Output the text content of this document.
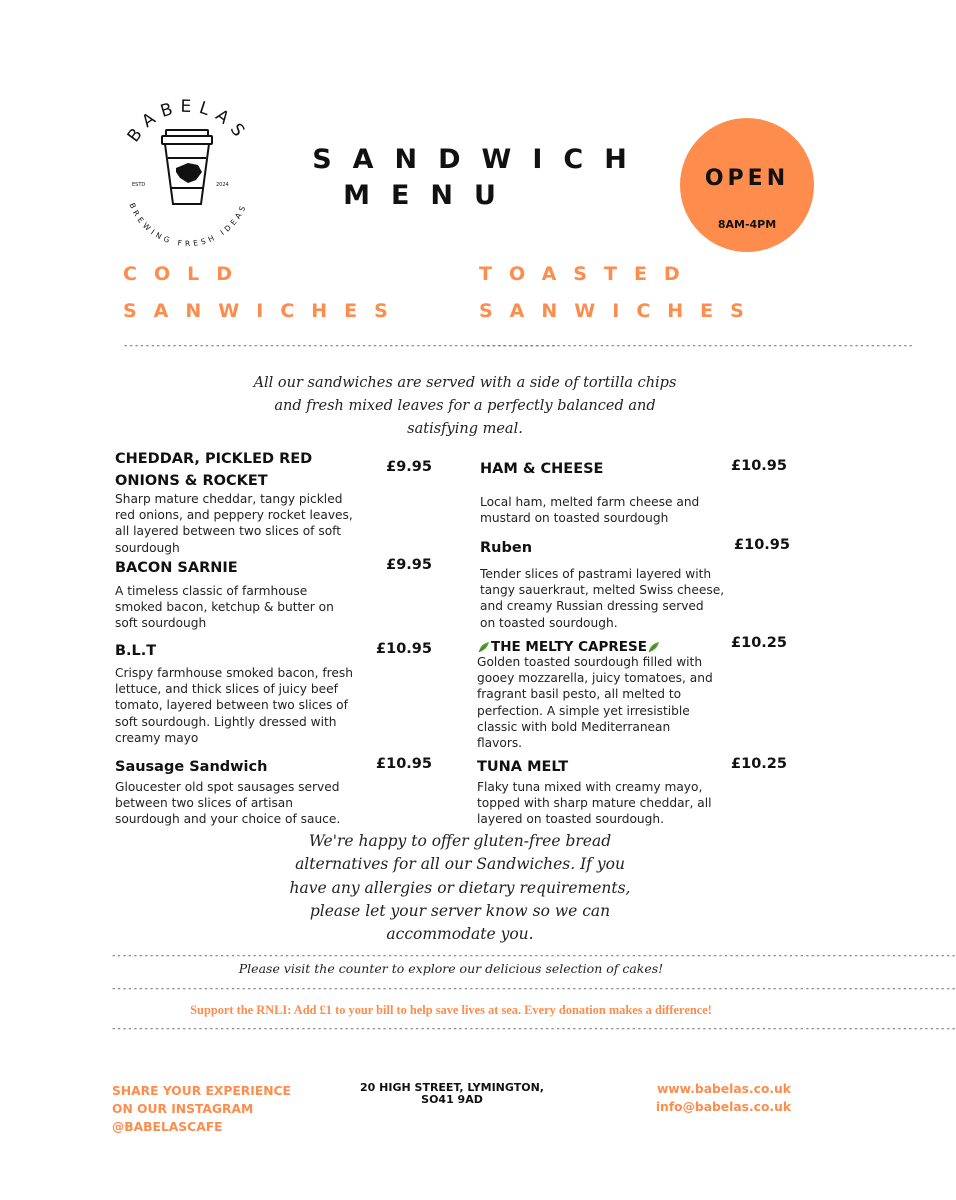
BABELAS
BREWING FRESH IDEAS
ESTD	2024
SANDWICH
MENU
OPEN
8AM-4PM
COLD
SANWICHES
TOASTED
SANWICHES
--------------------------------------------------------------------------------
--------------------------------------------------------------------------------
All our sandwiches are served with a side of tortilla chips
and fresh mixed leaves for a perfectly balanced and
satisfying meal.
CHEDDAR, PICKLED RED
ONIONS & ROCKET
£9.95
Sharp mature cheddar, tangy pickled
red onions, and peppery rocket leaves,
all layered between two slices of soft
sourdough
BACON SARNIE	£9.95
A timeless classic of farmhouse
smoked bacon, ketchup & butter on
soft sourdough
B.L.T	£10.95
Crispy farmhouse smoked bacon, fresh
lettuce, and thick slices of juicy beef
tomato, layered between two slices of
soft sourdough. Lightly dressed with
creamy mayo
Sausage Sandwich	£10.95
Gloucester old spot sausages served
between two slices of artisan
sourdough and your choice of sauce.
HAM & CHEESE	£10.95
Local ham, melted farm cheese and
mustard on toasted sourdough
Ruben	£10.95
Tender slices of pastrami layered with
tangy sauerkraut, melted Swiss cheese,
and creamy Russian dressing served
on toasted sourdough.
THE MELTY CAPRESE	£10.25
Golden toasted sourdough filled with
gooey mozzarella, juicy tomatoes, and
fragrant basil pesto, all melted to
perfection. A simple yet irresistible
classic with bold Mediterranean
flavors.
TUNA MELT	£10.25
Flaky tuna mixed with creamy mayo,
topped with sharp mature cheddar, all
layered on toasted sourdough.
We're happy to offer gluten-free bread
alternatives for all our Sandwiches. If you
have any allergies or dietary requirements,
please let your server know so we can
accommodate you.
------------------------------------------------------------------------------------------------------------------------------------------------------------
Please visit the counter to explore our delicious selection of cakes!
------------------------------------------------------------------------------------------------------------------------------------------------------------
Support the RNLI: Add £1 to your bill to help save lives at sea. Every donation makes a difference!
------------------------------------------------------------------------------------------------------------------------------------------------------------
SHARE YOUR EXPERIENCE
ON OUR INSTAGRAM
@BABELASCAFE
20 HIGH STREET, LYMINGTON,
SO41 9AD
www.babelas.co.uk
info@babelas.co.uk
